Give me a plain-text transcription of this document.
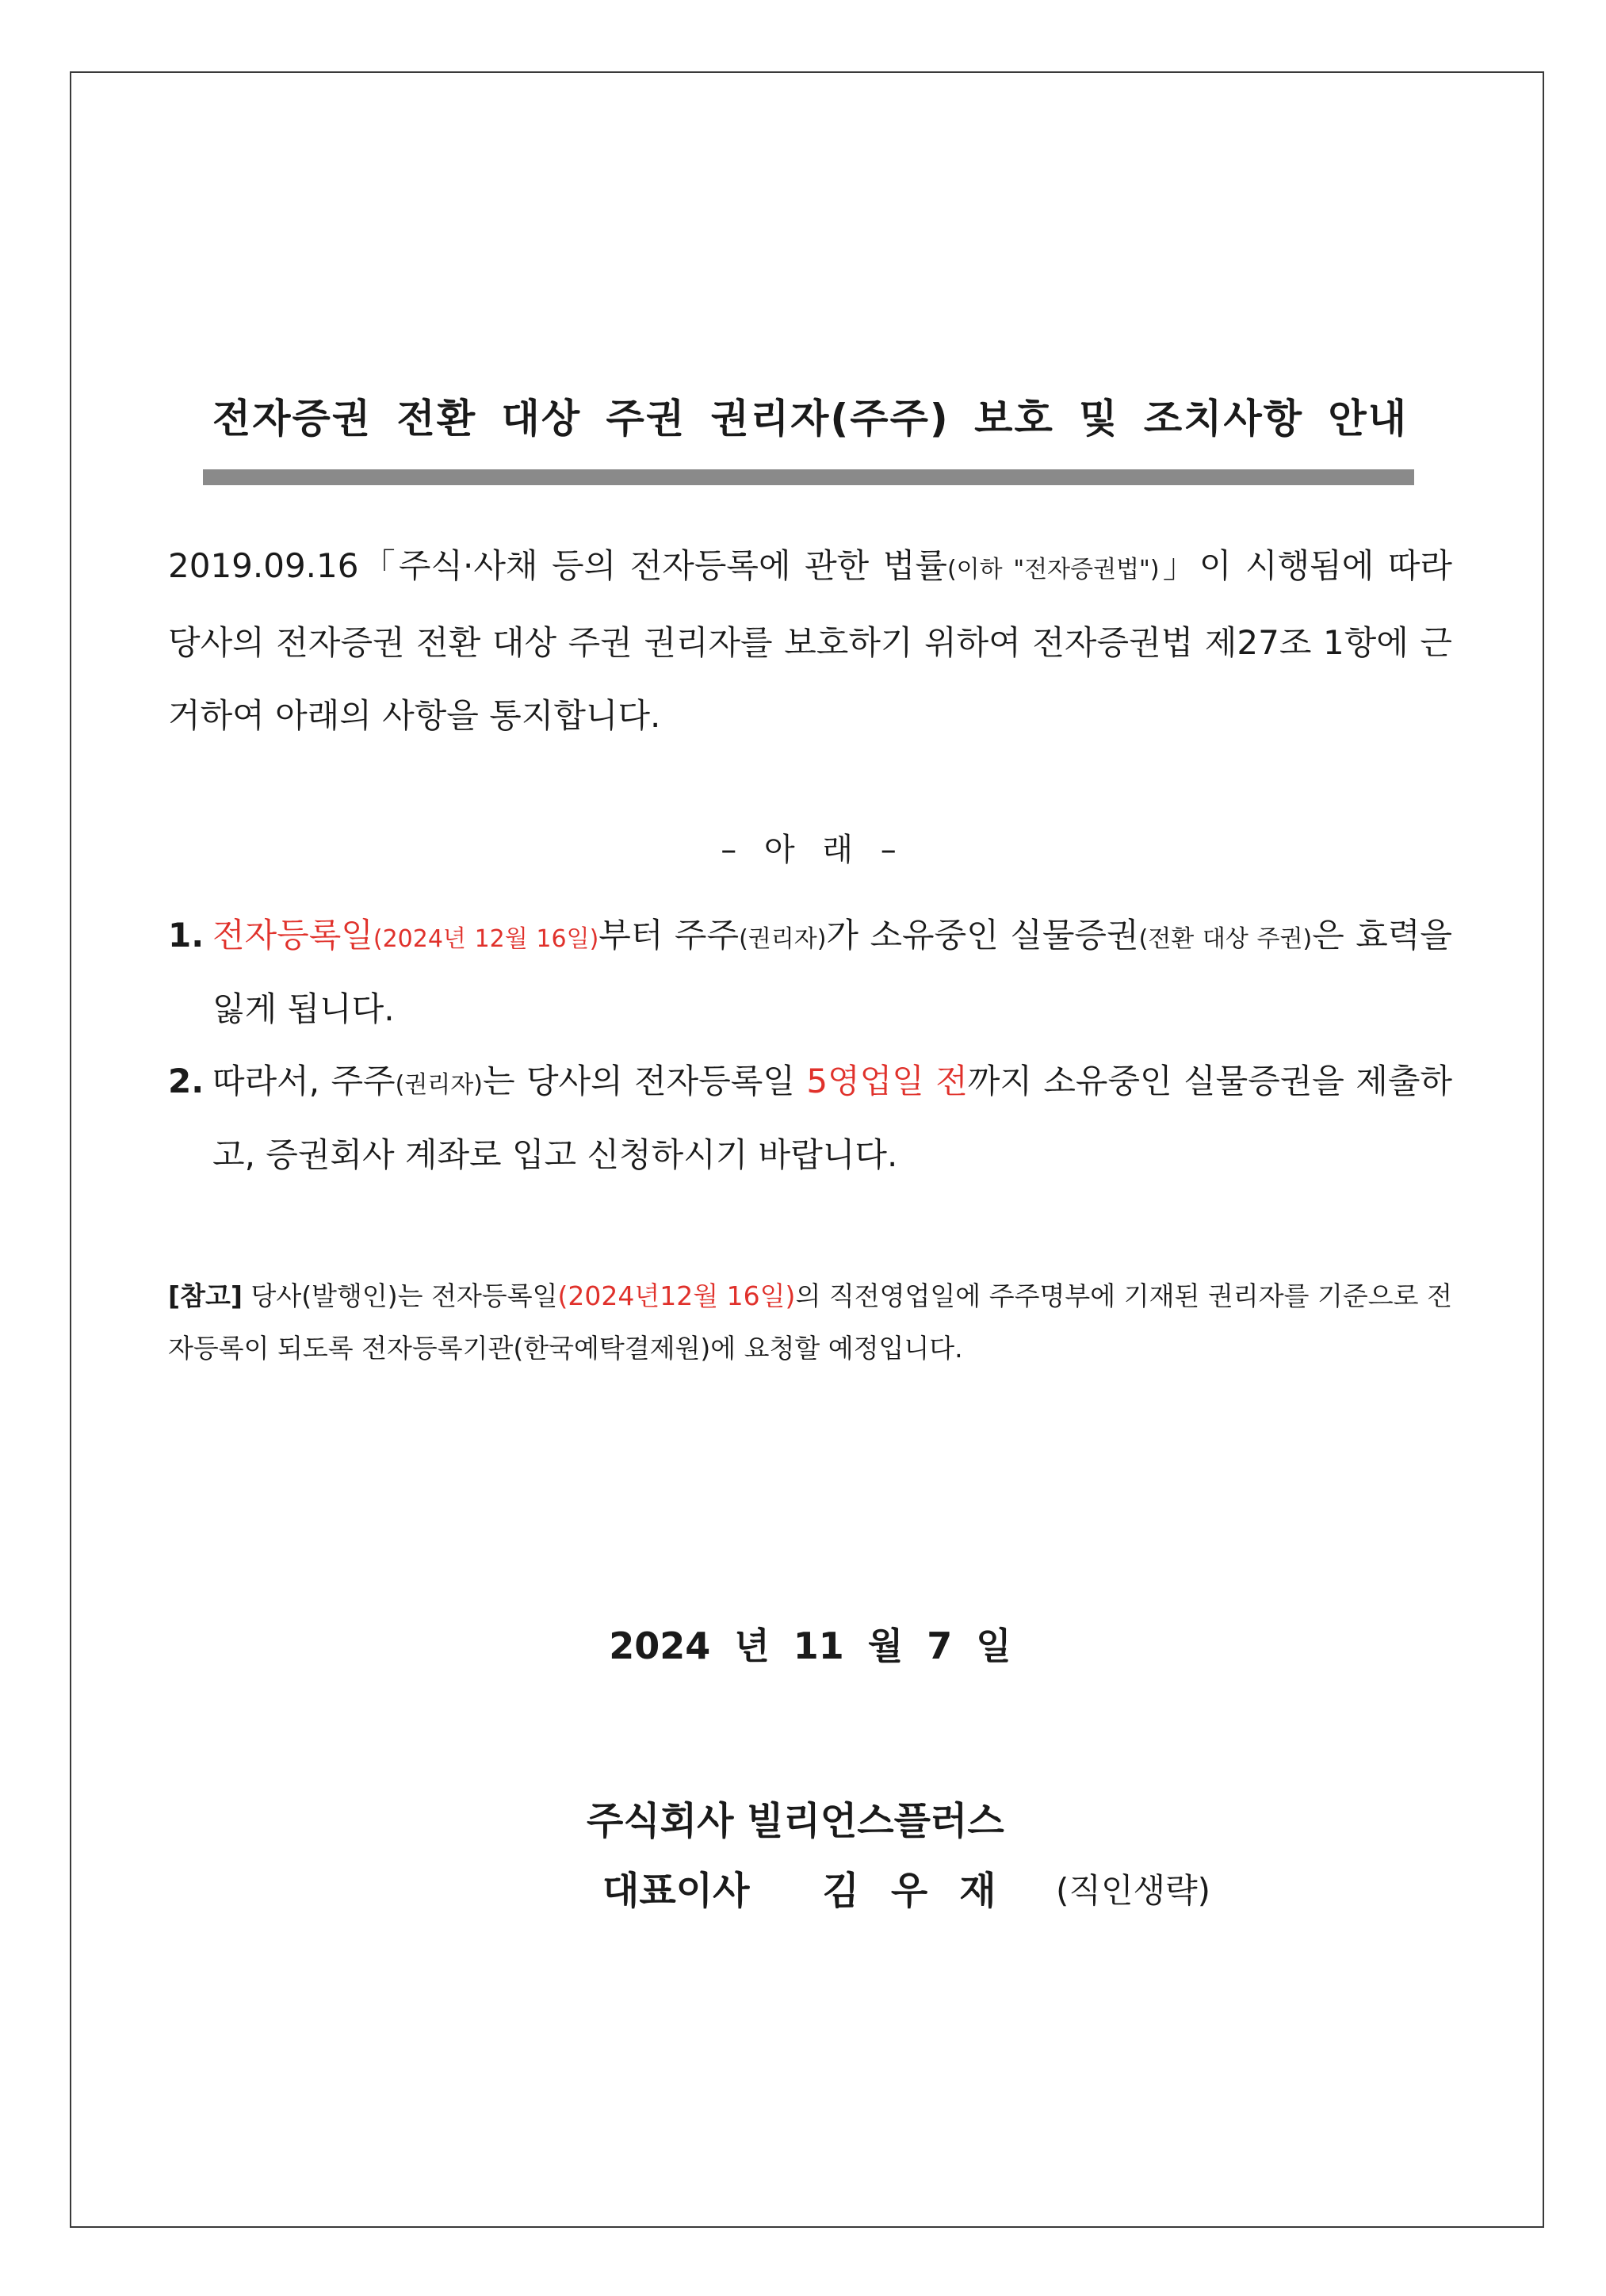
전자증권 전환 대상 주권 권리자(주주) 보호 및 조치사항 안내
2019.09.16「주식·사채 등의 전자등록에 관한 법률(이하 "전자증권법")」이 시행됨에 따라 당사의 전자증권 전환 대상 주권 권리자를 보호하기 위하여 전자증권법 제27조 1항에 근거하여 아래의 사항을 통지합니다.
– 아 래 –
1. 전자등록일(2024년 12월 16일)부터 주주(권리자)가 소유중인 실물증권(전환 대상 주권)은 효력을 잃게 됩니다.
2. 따라서, 주주(권리자)는 당사의 전자등록일 5영업일 전까지 소유중인 실물증권을 제출하고, 증권회사 계좌로 입고 신청하시기 바랍니다.
[참고] 당사(발행인)는 전자등록일(2024년12월 16일)의 직전영업일에 주주명부에 기재된 권리자를 기준으로 전자등록이 되도록 전자등록기관(한국예탁결제원)에 요청할 예정입니다.
2024 년 11 월 7 일
주식회사 빌리언스플러스
대표이사 김우재 (직인생략)
